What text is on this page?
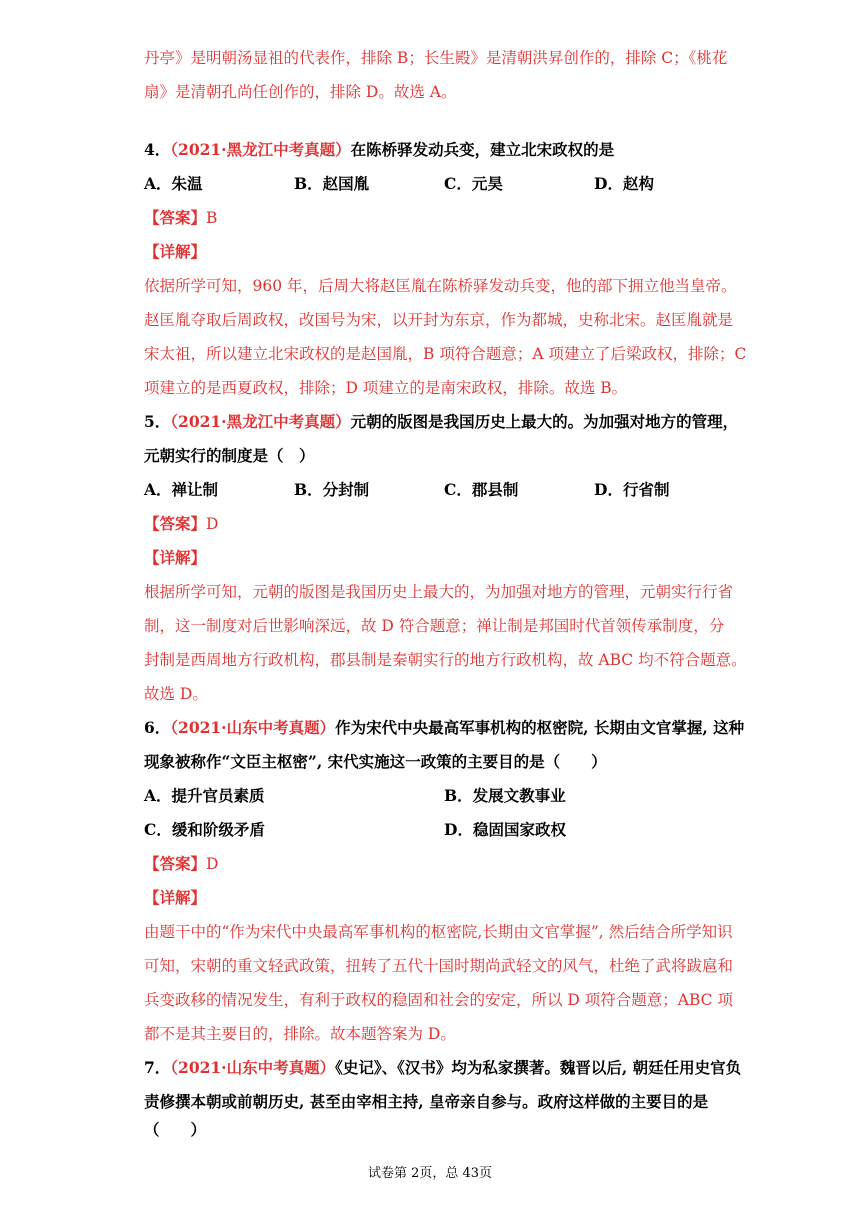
丹亭》是明朝汤显祖的代表作，排除 B；长生殿》是清朝洪昇创作的，排除 C；《桃花
扇》是清朝孔尚任创作的，排除 D。故选 A。
4．（2021·黑龙江中考真题）在陈桥驿发动兵变，建立北宋政权的是
A．朱温	B．赵国胤	C．元昊	D．赵构
【答案】B
【详解】
依据所学可知，960 年，后周大将赵匡胤在陈桥驿发动兵变，他的部下拥立他当皇帝。
赵匡胤夺取后周政权，改国号为宋，以开封为东京，作为都城，史称北宋。赵匡胤就是
宋太祖，所以建立北宋政权的是赵国胤，B 项符合题意；A 项建立了后梁政权，排除；C
项建立的是西夏政权，排除；D 项建立的是南宋政权，排除。故选 B。
5．（2021·黑龙江中考真题）元朝的版图是我国历史上最大的。为加强对地方的管理，
元朝实行的制度是（　）
A．禅让制	B．分封制	C．郡县制	D．行省制
【答案】D
【详解】
根据所学可知，元朝的版图是我国历史上最大的，为加强对地方的管理，元朝实行行省
制，这一制度对后世影响深远，故 D 符合题意；禅让制是邦国时代首领传承制度，分
封制是西周地方行政机构，郡县制是秦朝实行的地方行政机构，故 ABC 均不符合题意。
故选 D。
6．（2021·山东中考真题）作为宋代中央最高军事机构的枢密院, 长期由文官掌握, 这种
现象被称作“文臣主枢密”, 宋代实施这一政策的主要目的是（　　）
A．提升官员素质	B．发展文教事业
C．缓和阶级矛盾	D．稳固国家政权
【答案】D
【详解】
由题干中的“作为宋代中央最高军事机构的枢密院,长期由文官掌握”, 然后结合所学知识
可知，宋朝的重文轻武政策，扭转了五代十国时期尚武轻文的风气，杜绝了武将跋扈和
兵变政移的情况发生，有利于政权的稳固和社会的安定，所以 D 项符合题意；ABC 项
都不是其主要目的，排除。故本题答案为 D。
7．（2021·山东中考真题）《史记》、《汉书》均为私家撰著。魏晋以后, 朝廷任用史官负
责修撰本朝或前朝历史, 甚至由宰相主持, 皇帝亲自参与。政府这样做的主要目的是
（　　）
试卷第 2页，总 43页
